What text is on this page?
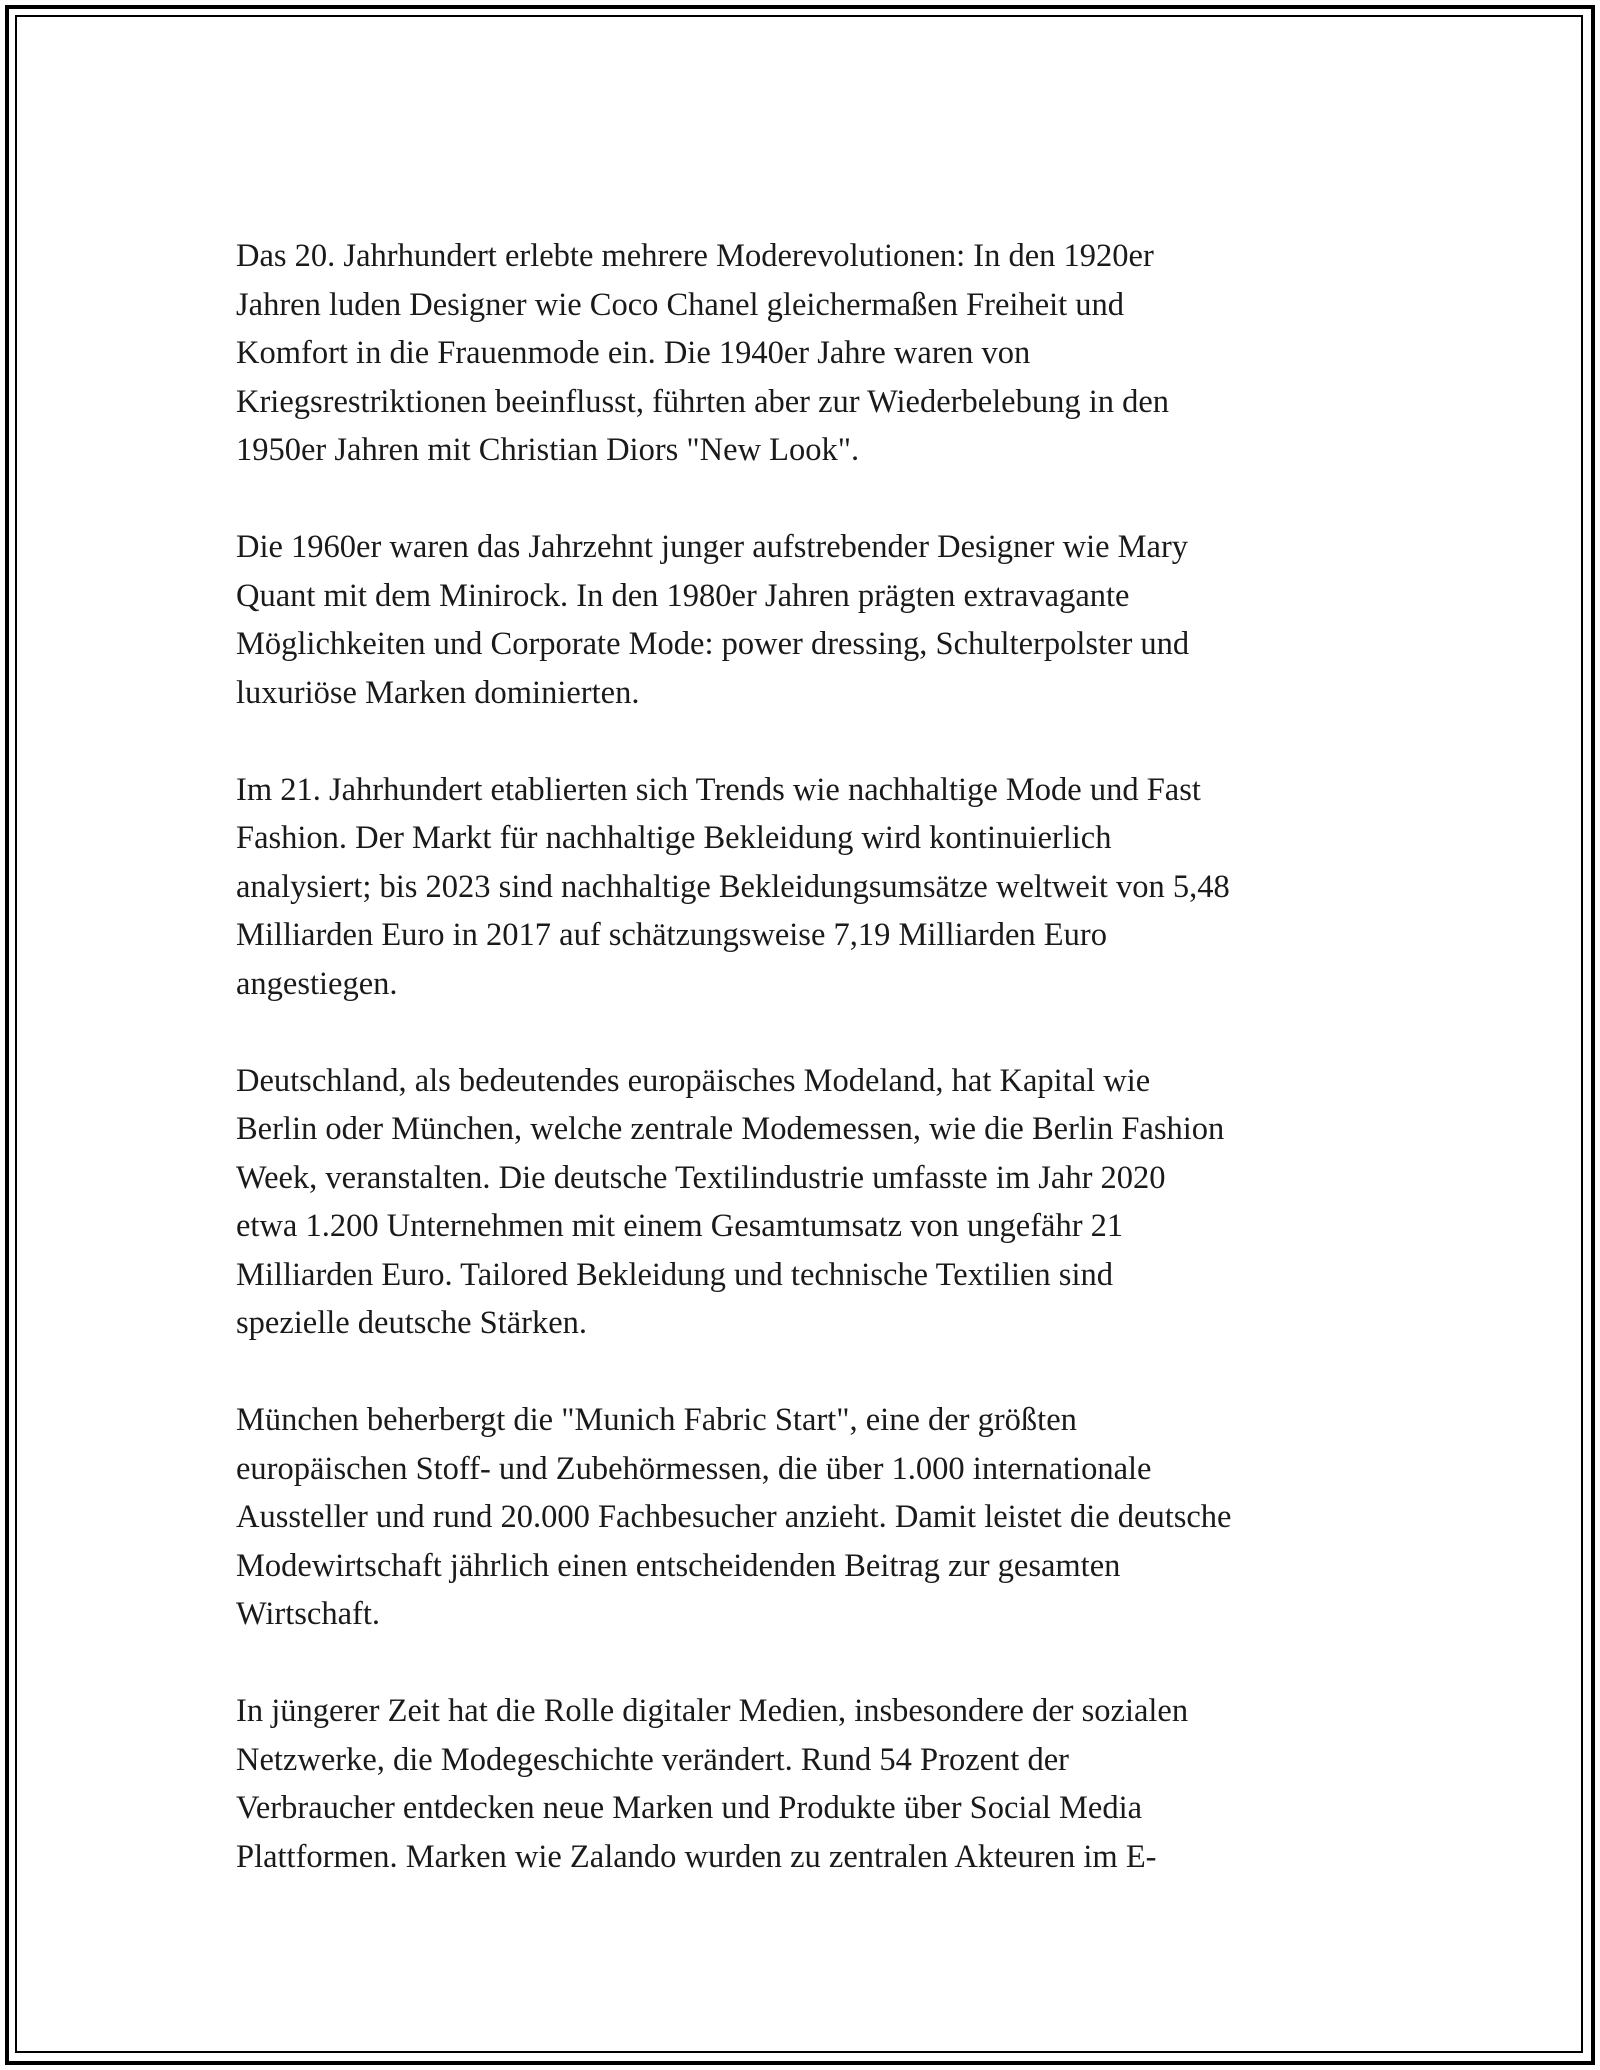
Das 20. Jahrhundert erlebte mehrere Moderevolutionen: In den 1920er
Jahren luden Designer wie Coco Chanel gleichermaßen Freiheit und
Komfort in die Frauenmode ein. Die 1940er Jahre waren von
Kriegsrestriktionen beeinflusst, führten aber zur Wiederbelebung in den
1950er Jahren mit Christian Diors "New Look".

Die 1960er waren das Jahrzehnt junger aufstrebender Designer wie Mary
Quant mit dem Minirock. In den 1980er Jahren prägten extravagante
Möglichkeiten und Corporate Mode: power dressing, Schulterpolster und
luxuriöse Marken dominierten.

Im 21. Jahrhundert etablierten sich Trends wie nachhaltige Mode und Fast
Fashion. Der Markt für nachhaltige Bekleidung wird kontinuierlich
analysiert; bis 2023 sind nachhaltige Bekleidungsumsätze weltweit von 5,48
Milliarden Euro in 2017 auf schätzungsweise 7,19 Milliarden Euro
angestiegen.

Deutschland, als bedeutendes europäisches Modeland, hat Kapital wie
Berlin oder München, welche zentrale Modemessen, wie die Berlin Fashion
Week, veranstalten. Die deutsche Textilindustrie umfasste im Jahr 2020
etwa 1.200 Unternehmen mit einem Gesamtumsatz von ungefähr 21
Milliarden Euro. Tailored Bekleidung und technische Textilien sind
spezielle deutsche Stärken.

München beherbergt die "Munich Fabric Start", eine der größten
europäischen Stoff- und Zubehörmessen, die über 1.000 internationale
Aussteller und rund 20.000 Fachbesucher anzieht. Damit leistet die deutsche
Modewirtschaft jährlich einen entscheidenden Beitrag zur gesamten
Wirtschaft.

In jüngerer Zeit hat die Rolle digitaler Medien, insbesondere der sozialen
Netzwerke, die Modegeschichte verändert. Rund 54 Prozent der
Verbraucher entdecken neue Marken und Produkte über Social Media
Plattformen. Marken wie Zalando wurden zu zentralen Akteuren im E-
